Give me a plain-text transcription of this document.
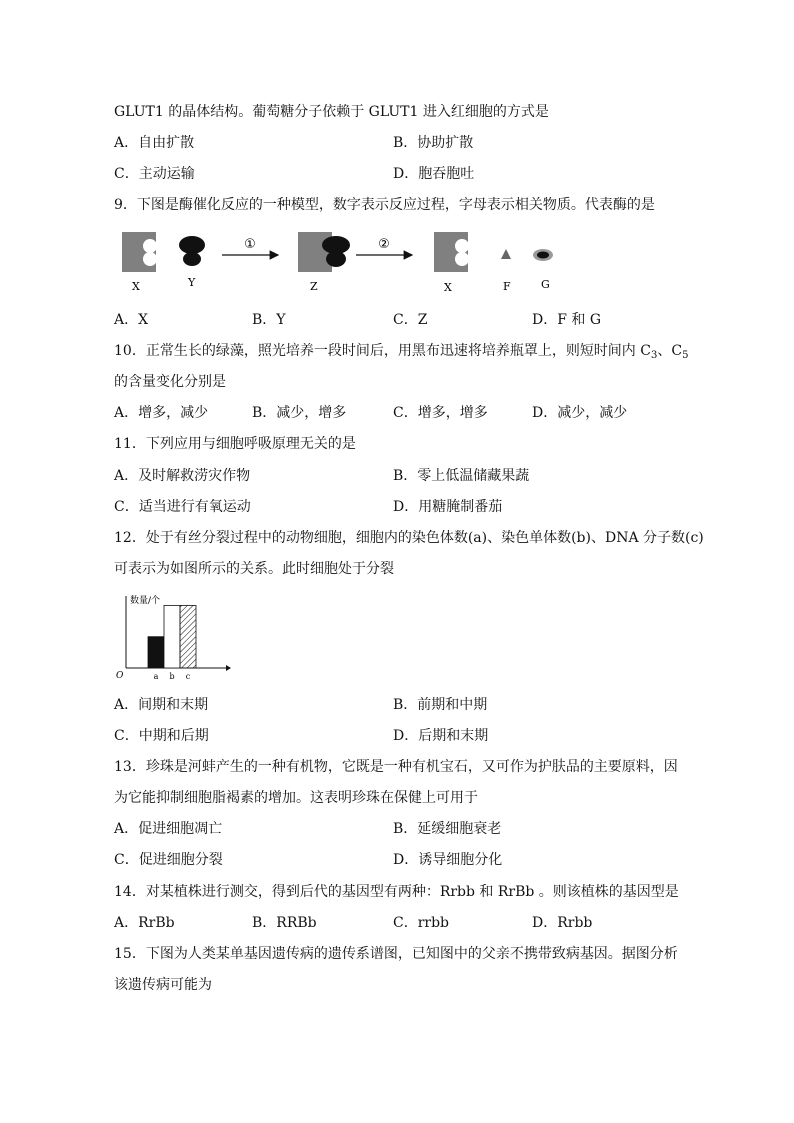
GLUT1 的晶体结构。葡萄糖分子依赖于 GLUT1 进入红细胞的方式是
A．自由扩散	B．协助扩散
C．主动运输	D．胞吞胞吐
9．下图是酶催化反应的一种模型，数字表示反应过程，字母表示相关物质。代表酶的是
①	②
X	Y	Z	X	F	G
A．X	B．Y	C．Z	D．F 和 G
10．正常生长的绿藻，照光培养一段时间后，用黑布迅速将培养瓶罩上，则短时间内 $C_3$、$C_5$
的含量变化分别是
A．增多，减少	B．减少，增多	C．增多，增多	D．减少，减少
11．下列应用与细胞呼吸原理无关的是
A．及时解救涝灾作物	B．零上低温储藏果蔬
C．适当进行有氧运动	D．用糖腌制番茄
12．处于有丝分裂过程中的动物细胞，细胞内的染色体数(a)、染色单体数(b)、DNA 分子数(c)
可表示为如图所示的关系。此时细胞处于分裂
数量/个
O	a b c
A．间期和末期	B．前期和中期
C．中期和后期	D．后期和末期
13．珍珠是河蚌产生的一种有机物，它既是一种有机宝石，又可作为护肤品的主要原料，因
为它能抑制细胞脂褐素的增加。这表明珍珠在保健上可用于
A．促进细胞凋亡	B．延缓细胞衰老
C．促进细胞分裂	D．诱导细胞分化
14．对某植株进行测交，得到后代的基因型有两种：Rrbb 和 RrBb 。则该植株的基因型是
A．RrBb	B．RRBb	C．rrbb	D．Rrbb
15．下图为人类某单基因遗传病的遗传系谱图，已知图中的父亲不携带致病基因。据图分析
该遗传病可能为
